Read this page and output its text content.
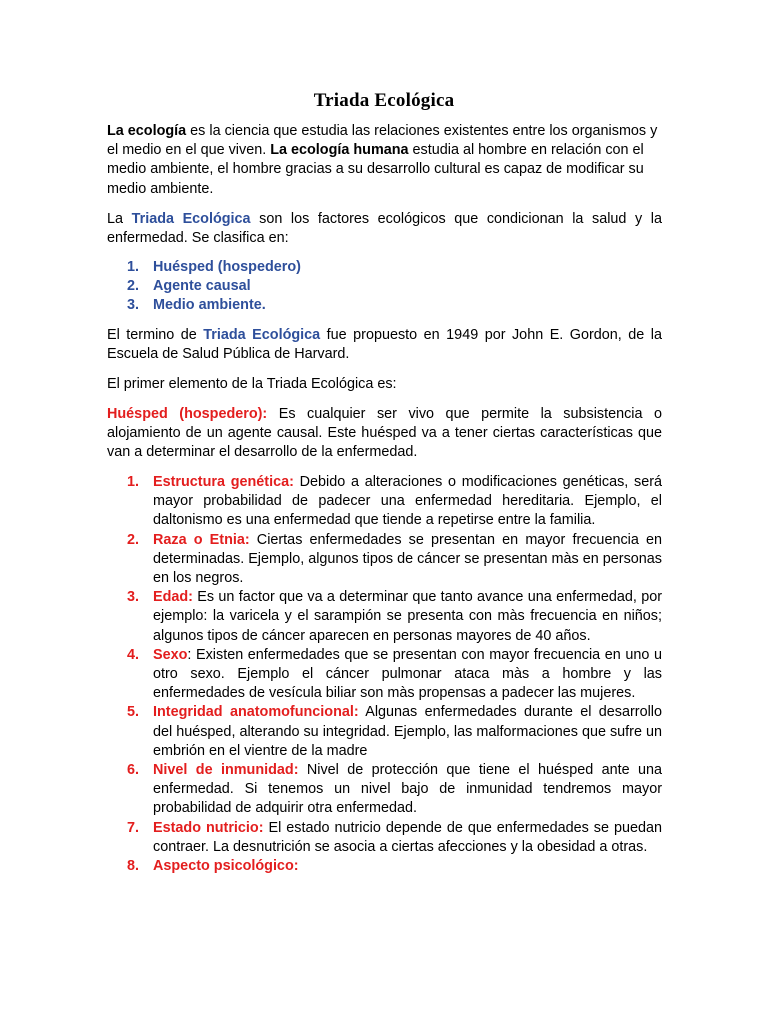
Triada Ecológica

La ecología es la ciencia que estudia las relaciones existentes entre los organismos y el medio en el que viven. La ecología humana estudia al hombre en relación con el medio ambiente, el hombre gracias a su desarrollo cultural es capaz de modificar su medio ambiente.

La Triada Ecológica son los factores ecológicos que condicionan la salud y la enfermedad. Se clasifica en:

1. Huésped (hospedero)
2. Agente causal
3. Medio ambiente.

El termino de Triada Ecológica fue propuesto en 1949 por John E. Gordon, de la Escuela de Salud Pública de Harvard.

El primer elemento de la Triada Ecológica es:

Huésped (hospedero): Es cualquier ser vivo que permite la subsistencia o alojamiento de un agente causal. Este huésped va a tener ciertas características que van a determinar el desarrollo de la enfermedad.

1. Estructura genética: Debido a alteraciones o modificaciones genéticas, será mayor probabilidad de padecer una enfermedad hereditaria. Ejemplo, el daltonismo es una enfermedad que tiende a repetirse entre la familia.
2. Raza o Etnia: Ciertas enfermedades se presentan en mayor frecuencia en determinadas. Ejemplo, algunos tipos de cáncer se presentan màs en personas en los negros.
3. Edad: Es un factor que va a determinar que tanto avance una enfermedad, por ejemplo: la varicela y el sarampión se presenta con màs frecuencia en niños; algunos tipos de cáncer aparecen en personas mayores de 40 años.
4. Sexo: Existen enfermedades que se presentan con mayor frecuencia en uno u otro sexo. Ejemplo el cáncer pulmonar ataca màs a hombre y las enfermedades de vesícula biliar son màs propensas a padecer las mujeres.
5. Integridad anatomofuncional: Algunas enfermedades durante el desarrollo del huésped, alterando su integridad. Ejemplo, las malformaciones que sufre un embrión en el vientre de la madre
6. Nivel de inmunidad: Nivel de protección que tiene el huésped ante una enfermedad. Si tenemos un nivel bajo de inmunidad tendremos mayor probabilidad de adquirir otra enfermedad.
7. Estado nutricio: El estado nutricio depende de que enfermedades se puedan contraer. La desnutrición se asocia a ciertas afecciones y la obesidad a otras.
8. Aspecto psicológico:
